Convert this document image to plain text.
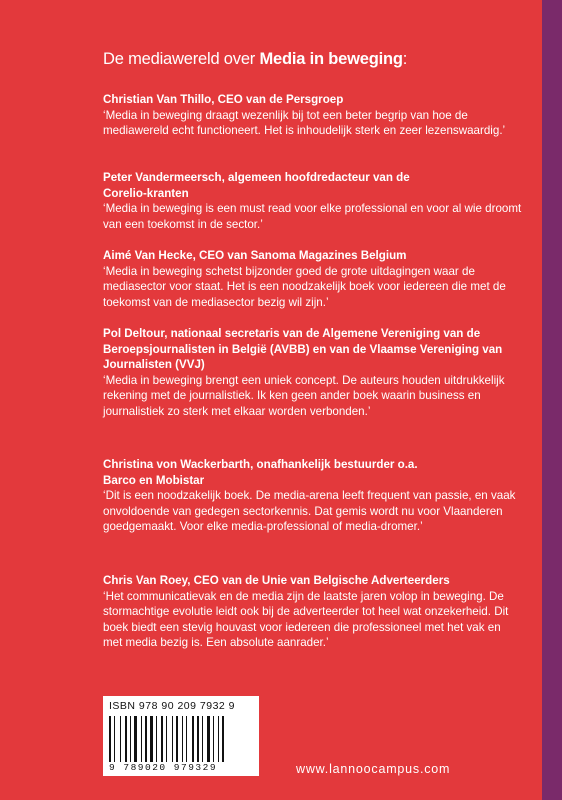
De mediawereld over Media in beweging:
Christian Van Thillo, CEO van de Persgroep
‘Media in beweging draagt wezenlijk bij tot een beter begrip van hoe de mediawereld echt functioneert. Het is inhoudelijk sterk en zeer lezenswaardig.’
Peter Vandermeersch, algemeen hoofdredacteur van de Corelio-kranten
‘Media in beweging is een must read voor elke professional en voor al wie droomt van een toekomst in de sector.’
Aimé Van Hecke, CEO van Sanoma Magazines Belgium
‘Media in beweging schetst bijzonder goed de grote uitdagingen waar de mediasector voor staat. Het is een noodzakelijk boek voor iedereen die met de toekomst van de mediasector bezig wil zijn.’
Pol Deltour, nationaal secretaris van de Algemene Vereniging van de Beroepsjournalisten in België (AVBB) en van de Vlaamse Vereniging van Journalisten (VVJ)
‘Media in beweging brengt een uniek concept. De auteurs houden uitdrukkelijk rekening met de journalistiek. Ik ken geen ander boek waarin business en journalistiek zo sterk met elkaar worden verbonden.’
Christina von Wackerbarth, onafhankelijk bestuurder o.a. Barco en Mobistar
‘Dit is een noodzakelijk boek. De media-arena leeft frequent van passie, en vaak onvoldoende van gedegen sectorkennis. Dat gemis wordt nu voor Vlaanderen goedgemaakt. Voor elke media-professional of media-dromer.’
Chris Van Roey, CEO van de Unie van Belgische Adverteerders
‘Het communicatievak en de media zijn de laatste jaren volop in beweging. De stormachtige evolutie leidt ook bij de adverteerder tot heel wat onzekerheid. Dit boek biedt een stevig houvast voor iedereen die professioneel met het vak en met media bezig is. Een absolute aanrader.’
ISBN 978 90 209 7932 9
9 789020 979329	www.lannoocampus.com
